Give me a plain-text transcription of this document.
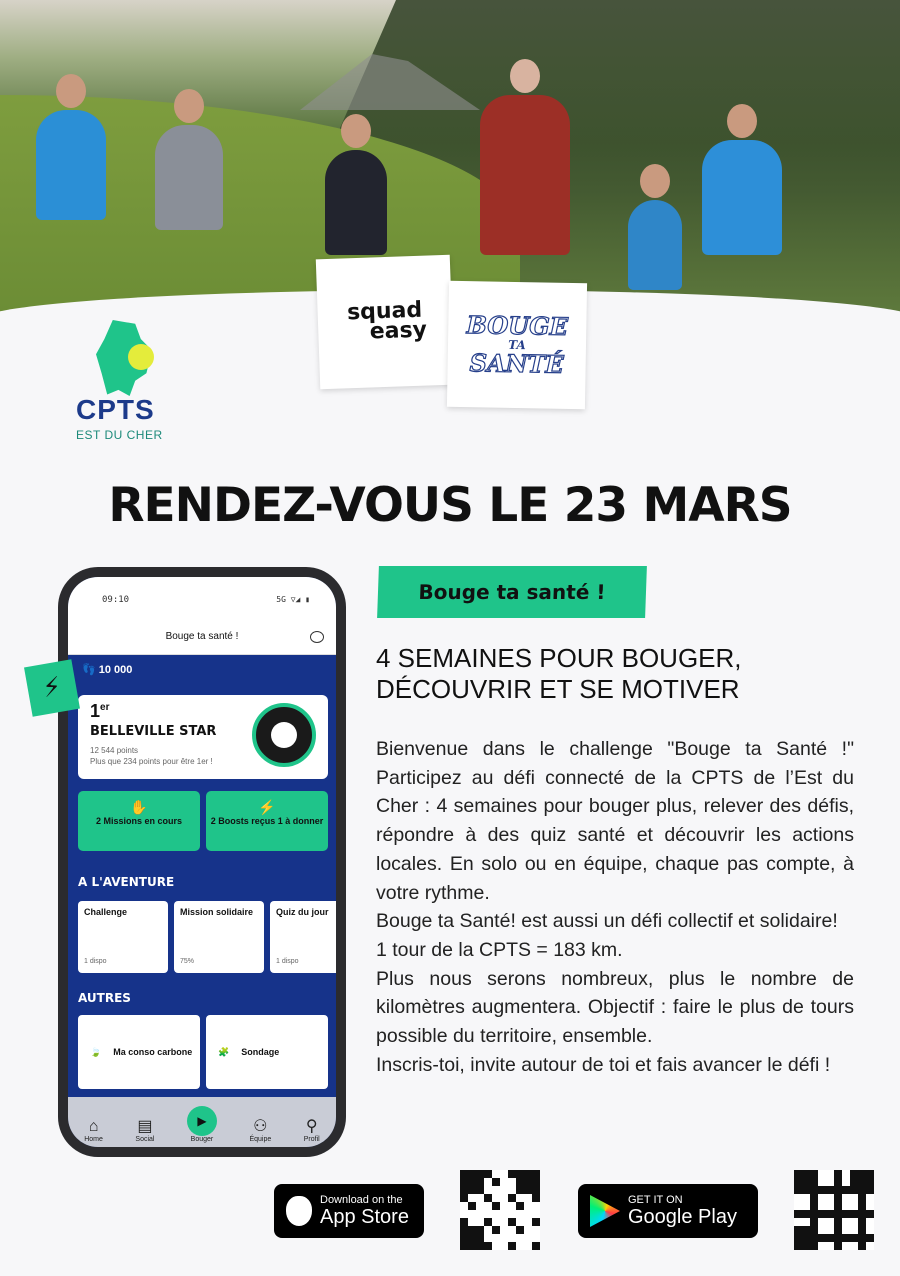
CPTS
EST DU CHER
squad
easy BOUGE
TA
SANTÉ
RENDEZ-VOUS LE 23 MARS
⚡
09:10	5G ▽◢ ▮
Bouge ta santé !
👣 10 000
1er
BELLEVILLE STAR
12 544 points
Plus que 234 points pour être 1er !
✋
2 Missions en cours
⚡
2 Boosts reçus 1 à donner
A L'AVENTURE
Challenge
1 dispo
Mission solidaire
75%
Quiz du jour
1 dispo
AUTRES
🍃 Ma conso carbone	🧩 Sondage
⌂
Home
▤
Social
▶
Bouger
⚇
Équipe
⚲
Profil
Bouge ta santé !
4 SEMAINES POUR BOUGER, DÉCOUVRIR ET SE MOTIVER

Bienvenue dans le challenge "Bouge ta Santé !" Participez au défi connecté de la CPTS de l’Est du Cher : 4 semaines pour bouger plus, relever des défis, répondre à des quiz santé et découvrir les actions locales. En solo ou en équipe, chaque pas compte, à votre rythme.

Bouge ta Santé! est aussi un défi collectif et solidaire!

1 tour de la CPTS = 183 km.

Plus nous serons nombreux, plus le nombre de kilomètres augmentera. Objectif : faire le plus de tours possible du territoire, ensemble.

Inscris-toi, invite autour de toi et fais avancer le défi !

Download on the
App Store
GET IT ON
Google Play
